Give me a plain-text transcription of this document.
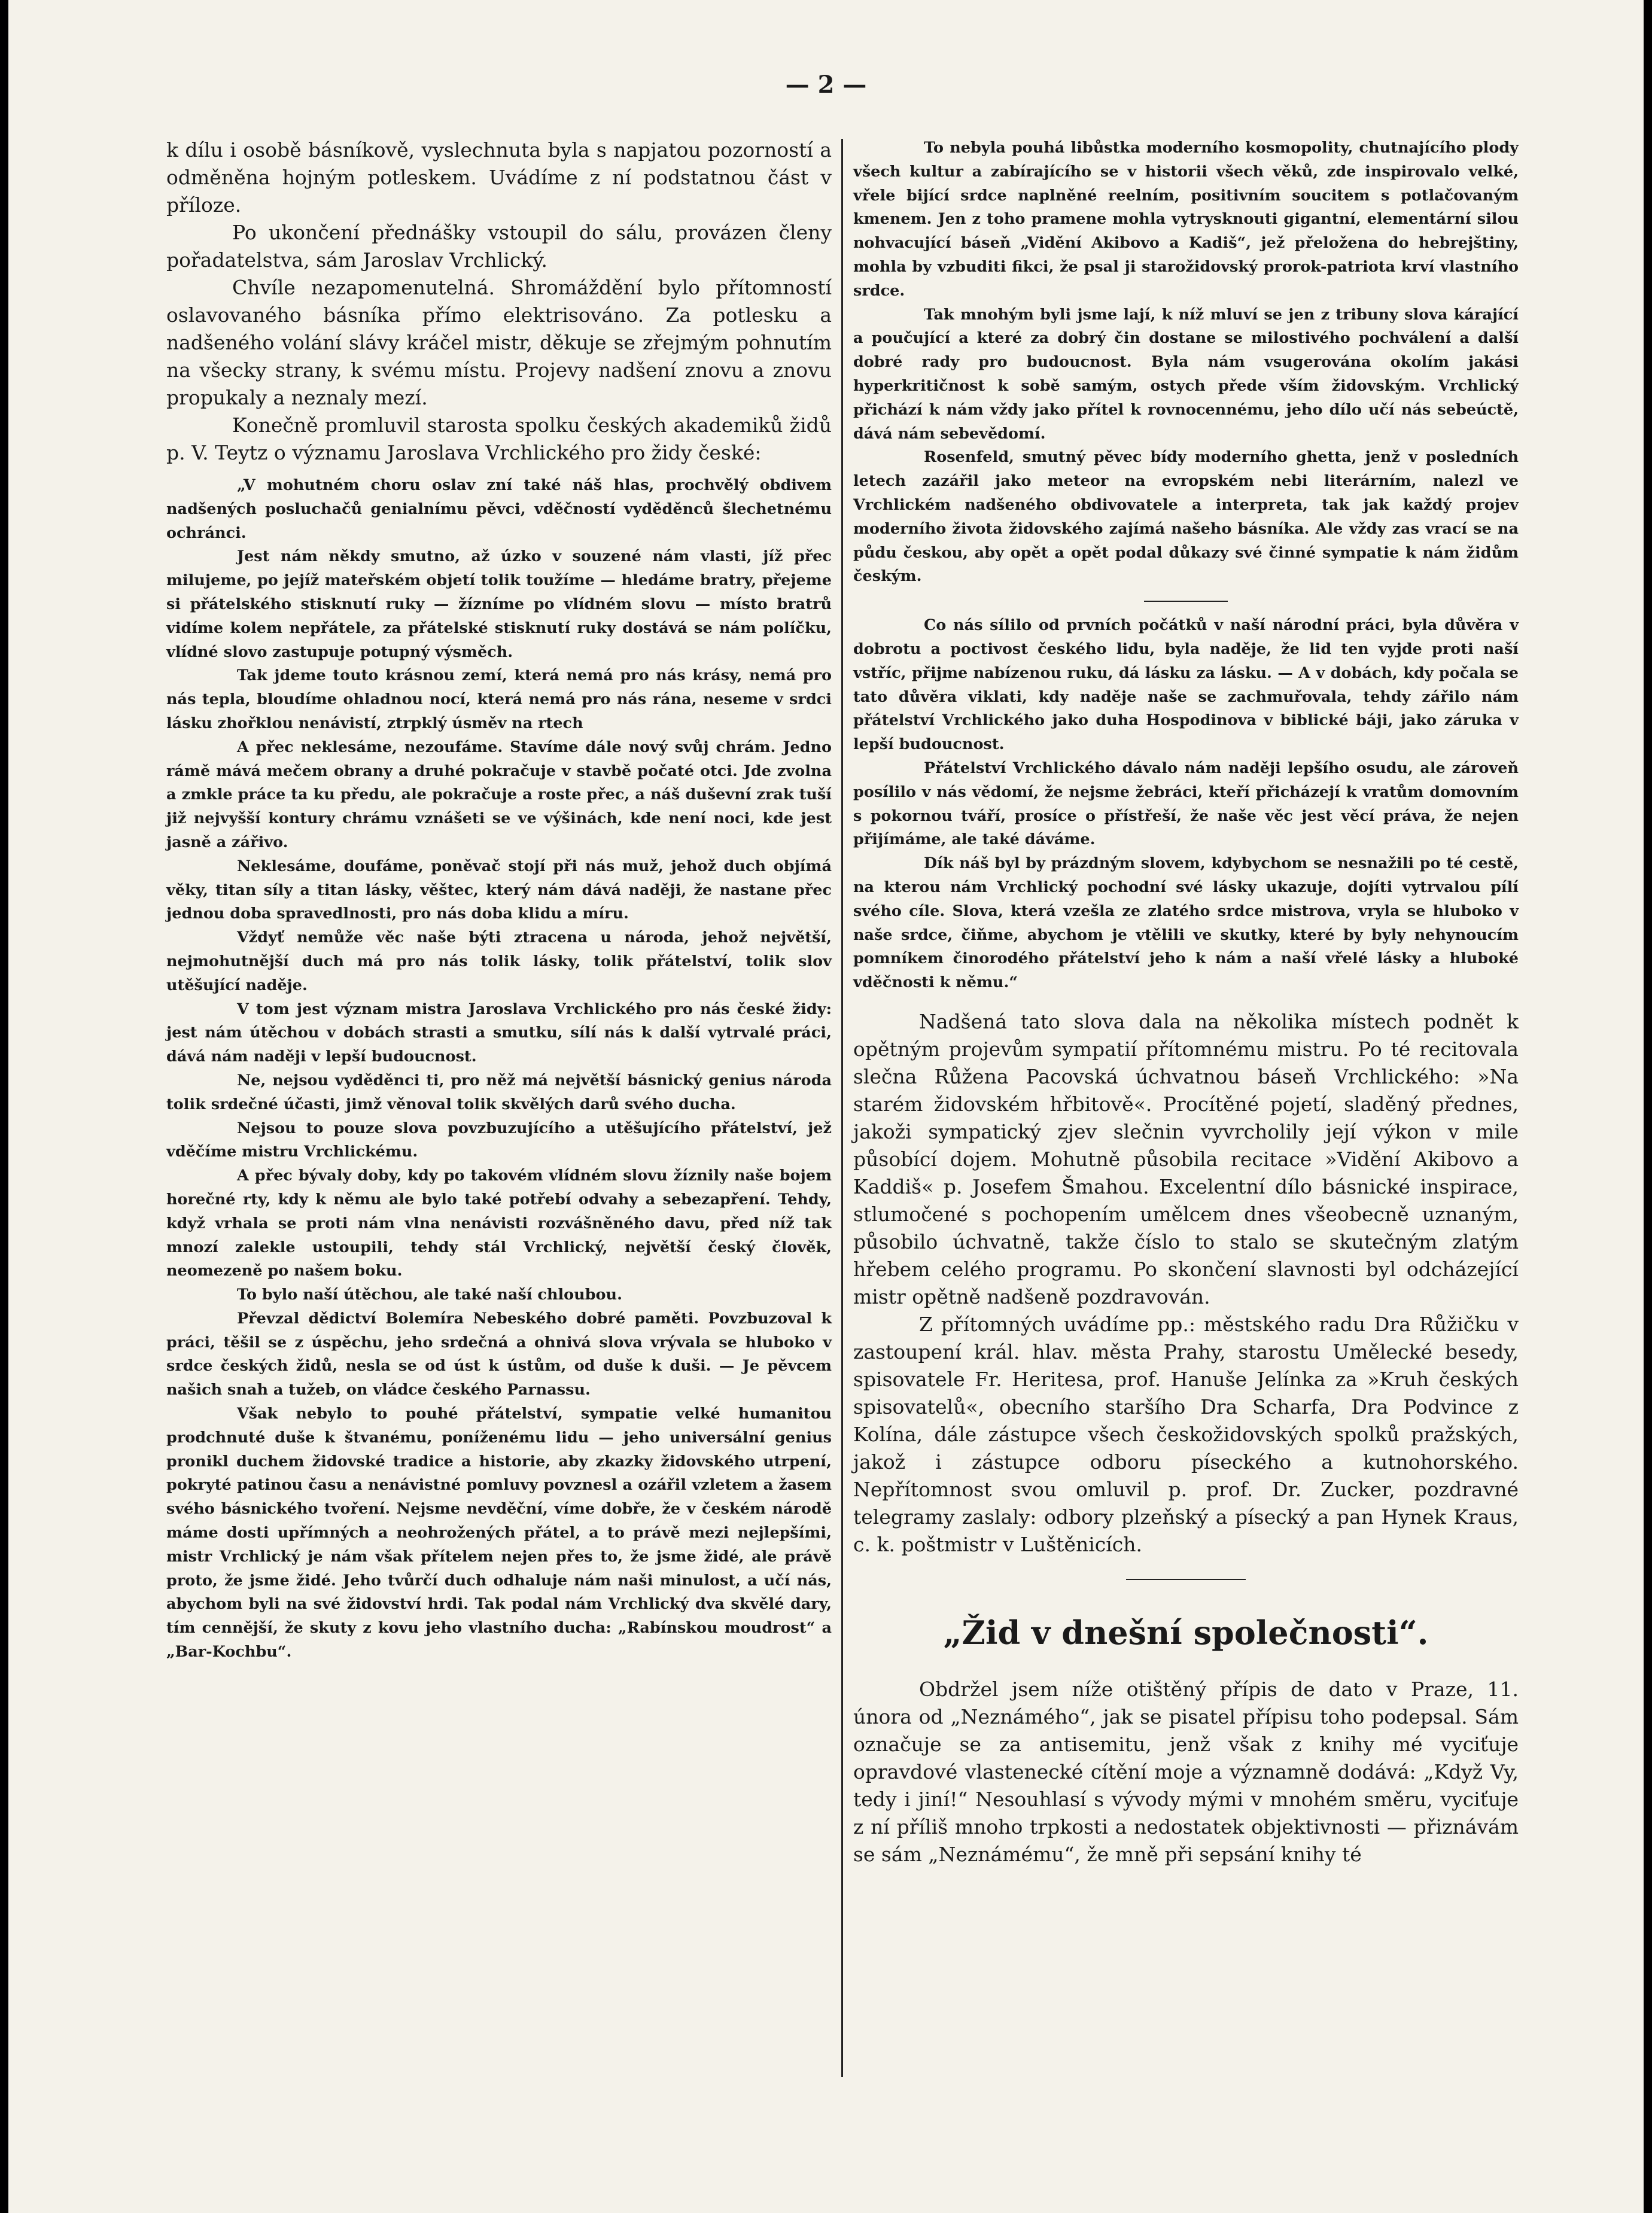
— 2 —

k dílu i osobě básníkově, vyslechnuta byla s napjatou pozorností a odměněna hojným potleskem. Uvádíme z ní podstatnou část v příloze.

Po ukončení přednášky vstoupil do sálu, provázen členy pořadatelstva, sám Jaroslav Vrchlický.

Chvíle nezapomenutelná. Shromáždění bylo přítomností oslavovaného básníka přímo elektrisováno. Za potlesku a nadšeného volání slávy kráčel mistr, děkuje se zřejmým pohnutím na všecky strany, k svému místu. Projevy nadšení znovu a znovu propukaly a neznaly mezí.

Konečně promluvil starosta spolku českých akademiků židů p. V. Teytz o významu Jaroslava Vrchlického pro židy české:

„V mohutném choru oslav zní také náš hlas, prochvělý obdivem nadšených posluchačů genialnímu pěvci, vděčností vyděděnců šlechetnému ochránci.

Jest nám někdy smutno, až úzko v souzené nám vlasti, jíž přec milujeme, po jejíž mateřském objetí tolik toužíme — hledáme bratry, přejeme si přátelského stisknutí ruky — žízníme po vlídném slovu — místo bratrů vidíme kolem nepřátele, za přátelské stisknutí ruky dostává se nám políčku, vlídné slovo zastupuje potupný výsměch.

Tak jdeme touto krásnou zemí, která nemá pro nás krásy, nemá pro nás tepla, bloudíme ohladnou nocí, která nemá pro nás rána, neseme v srdci lásku zhořklou nenávistí, ztrpklý úsměv na rtech

A přec neklesáme, nezoufáme. Stavíme dále nový svůj chrám. Jedno rámě mává mečem obrany a druhé pokračuje v stavbě počaté otci. Jde zvolna a zmkle práce ta ku předu, ale pokračuje a roste přec, a náš duševní zrak tuší již nejvyšší kontury chrámu vznášeti se ve výšinách, kde není noci, kde jest jasně a zářivo.

Neklesáme, doufáme, poněvač stojí při nás muž, jehož duch objímá věky, titan síly a titan lásky, věštec, který nám dává naději, že nastane přec jednou doba spravedlnosti, pro nás doba klidu a míru.

Vždyť nemůže věc naše býti ztracena u národa, jehož největší, nejmohutnější duch má pro nás tolik lásky, tolik přátelství, tolik slov utěšující naděje.

V tom jest význam mistra Jaroslava Vrchlického pro nás české židy: jest nám útěchou v dobách strasti a smutku, sílí nás k další vytrvalé práci, dává nám naději v lepší budoucnost.

Ne, nejsou vyděděnci ti, pro něž má největší básnický genius národa tolik srdečné účasti, jimž věnoval tolik skvělých darů svého ducha.

Nejsou to pouze slova povzbuzujícího a utěšujícího přátelství, jež vděčíme mistru Vrchlickému.

A přec bývaly doby, kdy po takovém vlídném slovu žíznily naše bojem horečné rty, kdy k němu ale bylo také potřebí odvahy a sebezapření. Tehdy, když vrhala se proti nám vlna nenávisti rozvášněného davu, před níž tak mnozí zalekle ustoupili, tehdy stál Vrchlický, největší český člověk, neomezeně po našem boku.

To bylo naší útěchou, ale také naší chloubou.

Převzal dědictví Bolemíra Nebeského dobré paměti. Povzbuzoval k práci, těšil se z úspěchu, jeho srdečná a ohnivá slova vrývala se hluboko v srdce českých židů, nesla se od úst k ústům, od duše k duši. — Je pěvcem našich snah a tužeb, on vládce českého Parnassu.

Však nebylo to pouhé přátelství, sympatie velké humanitou prodchnuté duše k štvanému, poníženému lidu — jeho universální genius pronikl duchem židovské tradice a historie, aby zkazky židovského utrpení, pokryté patinou času a nenávistné pomluvy povznesl a ozářil vzletem a žasem svého básnického tvoření. Nejsme nevděční, víme dobře, že v českém národě máme dosti upřímných a neohrožených přátel, a to právě mezi nejlepšími, mistr Vrchlický je nám však přítelem nejen přes to, že jsme židé, ale právě proto, že jsme židé. Jeho tvůrčí duch odhaluje nám naši minulost, a učí nás, abychom byli na své židovství hrdi. Tak podal nám Vrchlický dva skvělé dary, tím cennější, že skuty z kovu jeho vlastního ducha: „Rabínskou moudrost“ a „Bar-Kochbu“.

To nebyla pouhá libůstka moderního kosmopolity, chutnajícího plody všech kultur a zabírajícího se v historii všech věků, zde inspirovalo velké, vřele bijící srdce naplněné reelním, positivním soucitem s potlačovaným kmenem. Jen z toho pramene mohla vytrysknouti gigantní, elementární silou nohvacující báseň „Vidění Akibovo a Kadiš“, jež přeložena do hebrejštiny, mohla by vzbuditi fikci, že psal ji starožidovský prorok-patriota krví vlastního srdce.

Tak mnohým byli jsme lají, k níž mluví se jen z tribuny slova kárající a poučující a které za dobrý čin dostane se milostivého pochválení a další dobré rady pro budoucnost. Byla nám vsugerována okolím jakási hyperkritičnost k sobě samým, ostych přede vším židovským. Vrchlický přichází k nám vždy jako přítel k rovnocennému, jeho dílo učí nás sebeúctě, dává nám sebevědomí.

Rosenfeld, smutný pěvec bídy moderního ghetta, jenž v posledních letech zazářil jako meteor na evropském nebi literárním, nalezl ve Vrchlickém nadšeného obdivovatele a interpreta, tak jak každý projev moderního života židovského zajímá našeho básníka. Ale vždy zas vrací se na půdu českou, aby opět a opět podal důkazy své činné sympatie k nám židům českým.

Co nás sílilo od prvních počátků v naší národní práci, byla důvěra v dobrotu a poctivost českého lidu, byla naděje, že lid ten vyjde proti naší vstříc, přijme nabízenou ruku, dá lásku za lásku. — A v dobách, kdy počala se tato důvěra viklati, kdy naděje naše se zachmuřovala, tehdy zářilo nám přátelství Vrchlického jako duha Hospodinova v biblické báji, jako záruka v lepší budoucnost.

Přátelství Vrchlického dávalo nám naději lepšího osudu, ale zároveň posílilo v nás vědomí, že nejsme žebráci, kteří přicházejí k vratům domovním s pokornou tváří, prosíce o přístřeší, že naše věc jest věcí práva, že nejen přijímáme, ale také dáváme.

Dík náš byl by prázdným slovem, kdybychom se nesnažili po té cestě, na kterou nám Vrchlický pochodní své lásky ukazuje, dojíti vytrvalou pílí svého cíle. Slova, která vzešla ze zlatého srdce mistrova, vryla se hluboko v naše srdce, čiňme, abychom je vtělili ve skutky, které by byly nehynoucím pomníkem činorodého přátelství jeho k nám a naší vřelé lásky a hluboké vděčnosti k němu.“

Nadšená tato slova dala na několika místech podnět k opětným projevům sympatií přítomnému mistru. Po té recitovala slečna Růžena Pacovská úchvatnou báseň Vrchlického: »Na starém židovském hřbitově«. Procítěné pojetí, sladěný přednes, jakoži sympatický zjev slečnin vyvrcholily její výkon v mile působící dojem. Mohutně působila recitace »Vidění Akibovo a Kaddiš« p. Josefem Šmahou. Excelentní dílo básnické inspirace, stlumočené s pochopením umělcem dnes všeobecně uznaným, působilo úchvatně, takže číslo to stalo se skutečným zlatým hřebem celého programu. Po skončení slavnosti byl odcházející mistr opětně nadšeně pozdravován.

Z přítomných uvádíme pp.: městského radu Dra Růžičku v zastoupení král. hlav. města Prahy, starostu Umělecké besedy, spisovatele Fr. Heritesa, prof. Hanuše Jelínka za »Kruh českých spisovatelů«, obecního staršího Dra Scharfa, Dra Podvince z Kolína, dále zástupce všech českožidovských spolků pražských, jakož i zástupce odboru píseckého a kutnohorského. Nepřítomnost svou omluvil p. prof. Dr. Zucker, pozdravné telegramy zaslaly: odbory plzeňský a písecký a pan Hynek Kraus, c. k. poštmistr v Luštěnicích.

„Žid v dnešní společnosti“.

Obdržel jsem níže otištěný přípis de dato v Praze, 11. února od „Neznámého“, jak se pisatel přípisu toho podepsal. Sám označuje se za antisemitu, jenž však z knihy mé vyciťuje opravdové vlastenecké cítění moje a významně dodává: „Když Vy, tedy i jiní!“ Nesouhlasí s vývody mými v mnohém směru, vyciťuje z ní příliš mnoho trpkosti a nedostatek objektivnosti — přiznávám se sám „Neznámému“, že mně při sepsání knihy té
